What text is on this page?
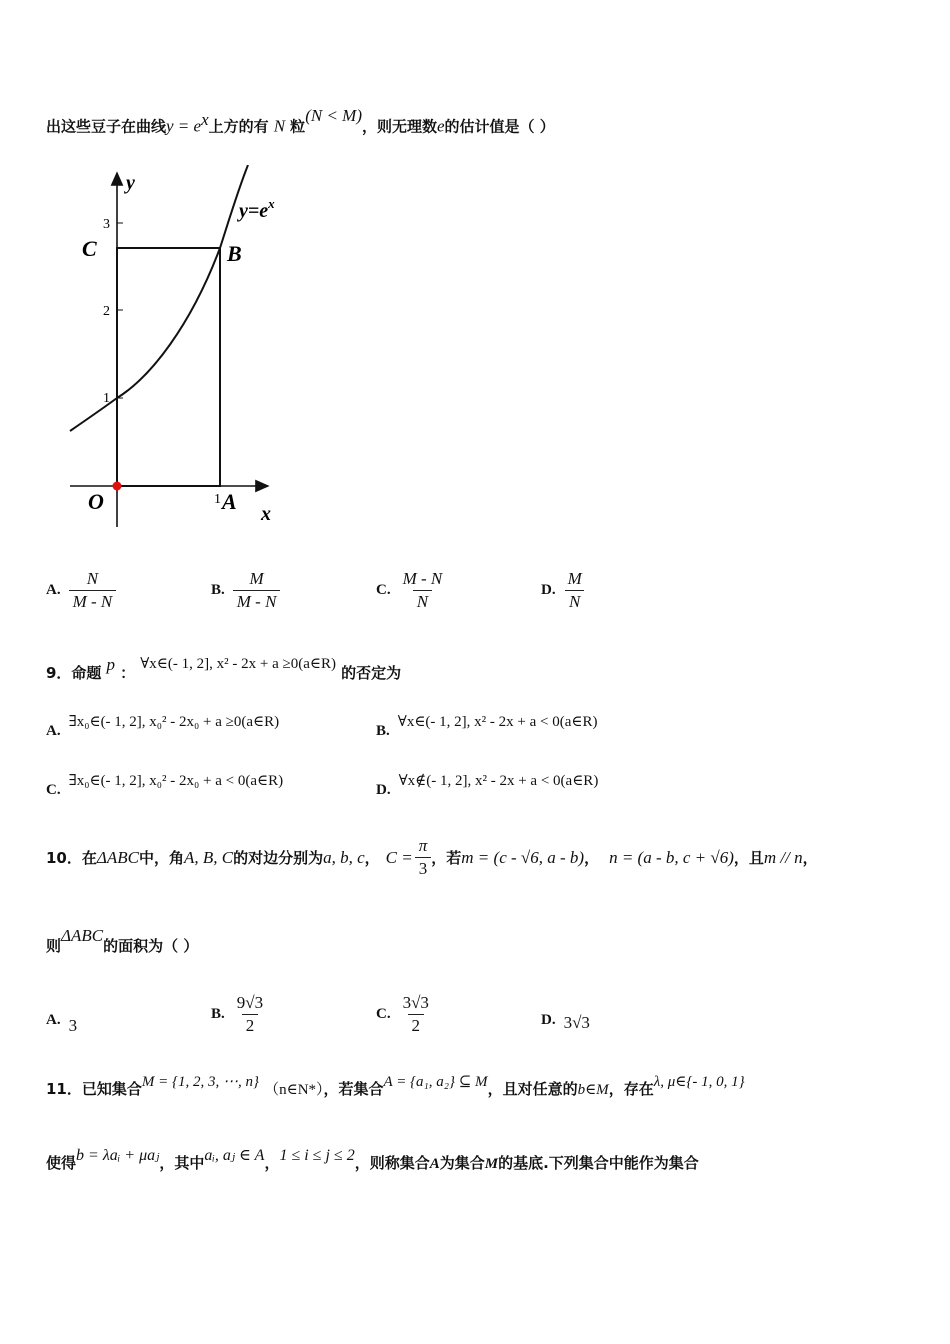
出这些豆子在曲线$y = e^x$上方的有 N 粒(N < M)，则无理数e的估计值是（ ）
y
x
O
C	B
A
1
1
2
3
$y=e^x$
A. $\frac{N}{M - N}$	B. $\frac{M}{M - N}$	C. $\frac{M - N}{N}$	D. $\frac{M}{N}$
9．命题 p ： ∀x∈(- 1, 2], x² - 2x + a ≥0(a∈R) 的否定为
A.
∃x₀∈(- 1, 2], x₀² - 2x₀ + a ≥0(a∈R)
B.
∀x∈(- 1, 2], x² - 2x + a < 0(a∈R)
C.
∃x₀∈(- 1, 2], x₀² - 2x₀ + a < 0(a∈R)
D.
∀x∉(- 1, 2], x² - 2x + a < 0(a∈R)
10．在 ΔABC 中，角 A, B, C 的对边分别为 a, b, c ， $C = \frac{\pi}{3}$ ，若 m = (c - √6, a - b) ， n = (a - b, c + √6) ，且 m // n ，
则ΔABC的面积为（ ）
A. 3
B. $\frac{9√3}{2}$	C. $\frac{3√3}{2}$	D. 3√3
11．已知集合M = {1, 2, 3, ⋯, n} （n∈N*），若集合A = {a₁, a₂} ⊆ M，且对任意的b∈M，存在λ, μ∈{- 1, 0, 1}
使得b = λaᵢ + μaⱼ，其中aᵢ, aⱼ ∈ A，1 ≤ i ≤ j ≤ 2，则称集合A为集合M的基底.下列集合中能作为集合
